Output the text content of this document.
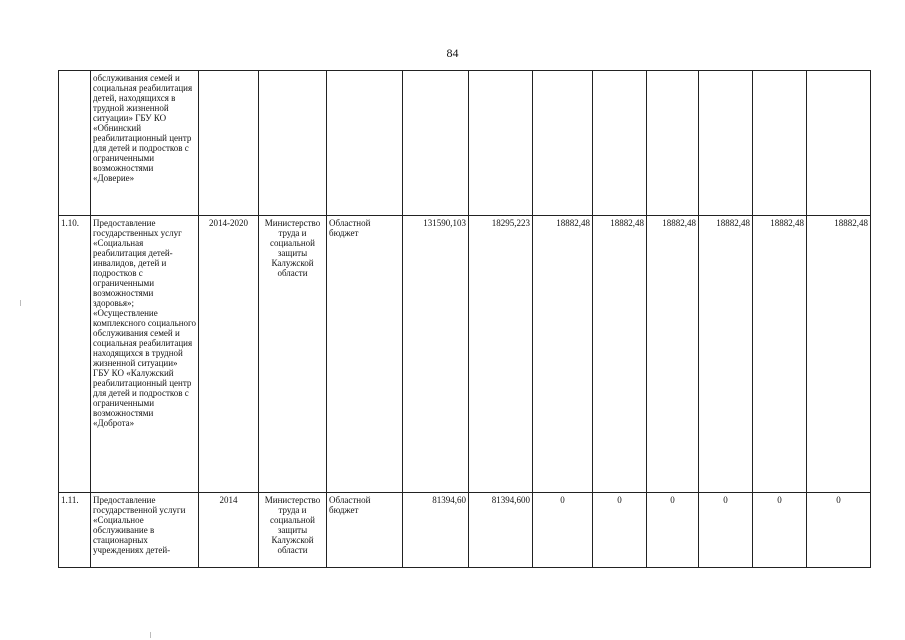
84
	обслуживания семей и социальная реабилитация детей, находящихся в трудной жизненной ситуации» ГБУ КО «Обнинский реабилитационный центр для детей и подростков с ограниченными возможностями «Доверие»											
1.10.	Предоставление государственных услуг «Социальная реабилитация детей-инвалидов, детей и подростков с ограниченными возможностями здоровья»; «Осуществление комплексного социального обслуживания семей и социальная реабилитация находящихся в трудной жизненной ситуации» ГБУ КО «Калужский реабилитационный центр для детей и подростков с ограниченными возможностями «Доброта»	2014-2020	Министерство труда и социальной защиты Калужской области	Областной бюджет	131590,103	18295,223	18882,48	18882,48	18882,48	18882,48	18882,48	18882,48
1.11.	Предоставление государственной услуги «Социальное обслуживание в стационарных учреждениях детей-	2014	Министерство труда и социальной защиты Калужской области	Областной бюджет	81394,60	81394,600	0	0	0	0	0	0
